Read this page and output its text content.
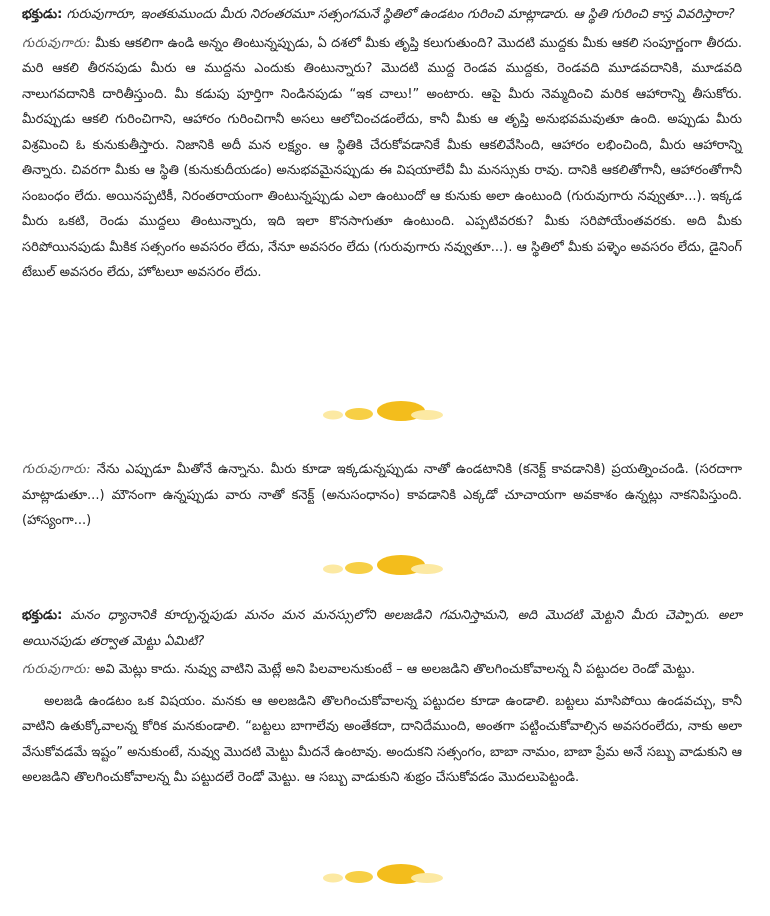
భక్తుడు: గురువుగారూ, ఇంతకుముందు మీరు నిరంతరమూ సత్సంగమనే స్థితిలో ఉండటం గురించి మాట్లాడారు. ఆ స్థితి గురించి కాస్త వివరిస్తారా?

గురువుగారు: మీకు ఆకలిగా ఉండి అన్నం తింటున్నప్పుడు, ఏ దశలో మీకు తృప్తి కలుగుతుంది? మొదటి ముద్దకు మీకు ఆకలి సంపూర్ణంగా తీరదు. మరి ఆకలి తీరనపుడు మీరు ఆ ముద్దను ఎందుకు తింటున్నారు? మొదటి ముద్ద రెండవ ముద్దకు, రెండవది మూడవదానికి, మూడవది నాలుగవదానికి దారితీస్తుంది. మీ కడుపు పూర్తిగా నిండినపుడు “ఇక చాలు!” అంటారు. ఆపై మీరు నెమ్మదించి మరిక ఆహారాన్ని తీసుకోరు. మీరప్పుడు ఆకలి గురించిగాని, ఆహారం గురించిగానీ అసలు ఆలోచించడంలేదు, కానీ మీకు ఆ తృప్తి అనుభవమవుతూ ఉంది. అప్పుడు మీరు విశ్రమించి ఓ కునుకుతీస్తారు. నిజానికి అదీ మన లక్ష్యం. ఆ స్థితికి చేరుకోవడానికే మీకు ఆకలివేసింది, ఆహారం లభించింది, మీరు ఆహారాన్ని తిన్నారు. చివరగా మీకు ఆ స్థితి (కునుకుదీయడం) అనుభవమైనప్పుడు ఈ విషయాలేవీ మీ మనస్సుకు రావు. దానికి ఆకలితోగానీ, ఆహారంతోగానీ సంబంధం లేదు. అయినప్పటికీ, నిరంతరాయంగా తింటున్నప్పుడు ఎలా ఉంటుందో ఆ కునుకు అలా ఉంటుంది (గురువుగారు నవ్వుతూ...). ఇక్కడ మీరు ఒకటి, రెండు ముద్దలు తింటున్నారు, ఇది ఇలా కొనసాగుతూ ఉంటుంది. ఎప్పటివరకు? మీకు సరిపోయేంతవరకు. అది మీకు సరిపోయినపుడు మీకిక సత్సంగం అవసరం లేదు, నేనూ అవసరం లేదు (గురువుగారు నవ్వుతూ...). ఆ స్థితిలో మీకు పళ్ళెం అవసరం లేదు, డైనింగ్ టేబుల్ అవసరం లేదు, హోటలూ అవసరం లేదు.

గురువుగారు: నేను ఎప్పుడూ మీతోనే ఉన్నాను. మీరు కూడా ఇక్కడున్నప్పుడు నాతో ఉండటానికి (కనెక్ట్ కావడానికి) ప్రయత్నించండి. (సరదాగా మాట్లాడుతూ...) మౌనంగా ఉన్నప్పుడు వారు నాతో కనెక్ట్ (అనుసంధానం) కావడానికి ఎక్కడో చూచాయగా అవకాశం ఉన్నట్లు నాకనిపిస్తుంది. (హాస్యంగా...)

భక్తుడు: మనం ధ్యానానికి కూర్చున్నపుడు మనం మన మనస్సులోని అలజడిని గమనిస్తామని, అది మొదటి మెట్టని మీరు చెప్పారు. అలా అయినపుడు తర్వాత మెట్టు ఏమిటి?

గురువుగారు: అవి మెట్లు కాదు. నువ్వు వాటిని మెట్లే అని పిలవాలనుకుంటే – ఆ అలజడిని తొలగించుకోవాలన్న నీ పట్టుదల రెండో మెట్టు.

అలజడి ఉండటం ఒక విషయం. మనకు ఆ అలజడిని తొలగించుకోవాలన్న పట్టుదల కూడా ఉండాలి. బట్టలు మాసిపోయి ఉండవచ్చు, కానీ వాటిని ఉతుక్కోవాలన్న కోరిక మనకుండాలి. “బట్టలు బాగాలేవు అంతేకదా, దానిదేముంది, అంతగా పట్టించుకోవాల్సిన అవసరంలేదు, నాకు అలా వేసుకోవడమే ఇష్టం” అనుకుంటే, నువ్వు మొదటి మెట్టు మీదనే ఉంటావు. అందుకని సత్సంగం, బాబా నామం, బాబా ప్రేమ అనే సబ్బు వాడుకుని ఆ అలజడిని తొలగించుకోవాలన్న మీ పట్టుదలే రెండో మెట్టు. ఆ సబ్బు వాడుకుని శుభ్రం చేసుకోవడం మొదలుపెట్టండి.
